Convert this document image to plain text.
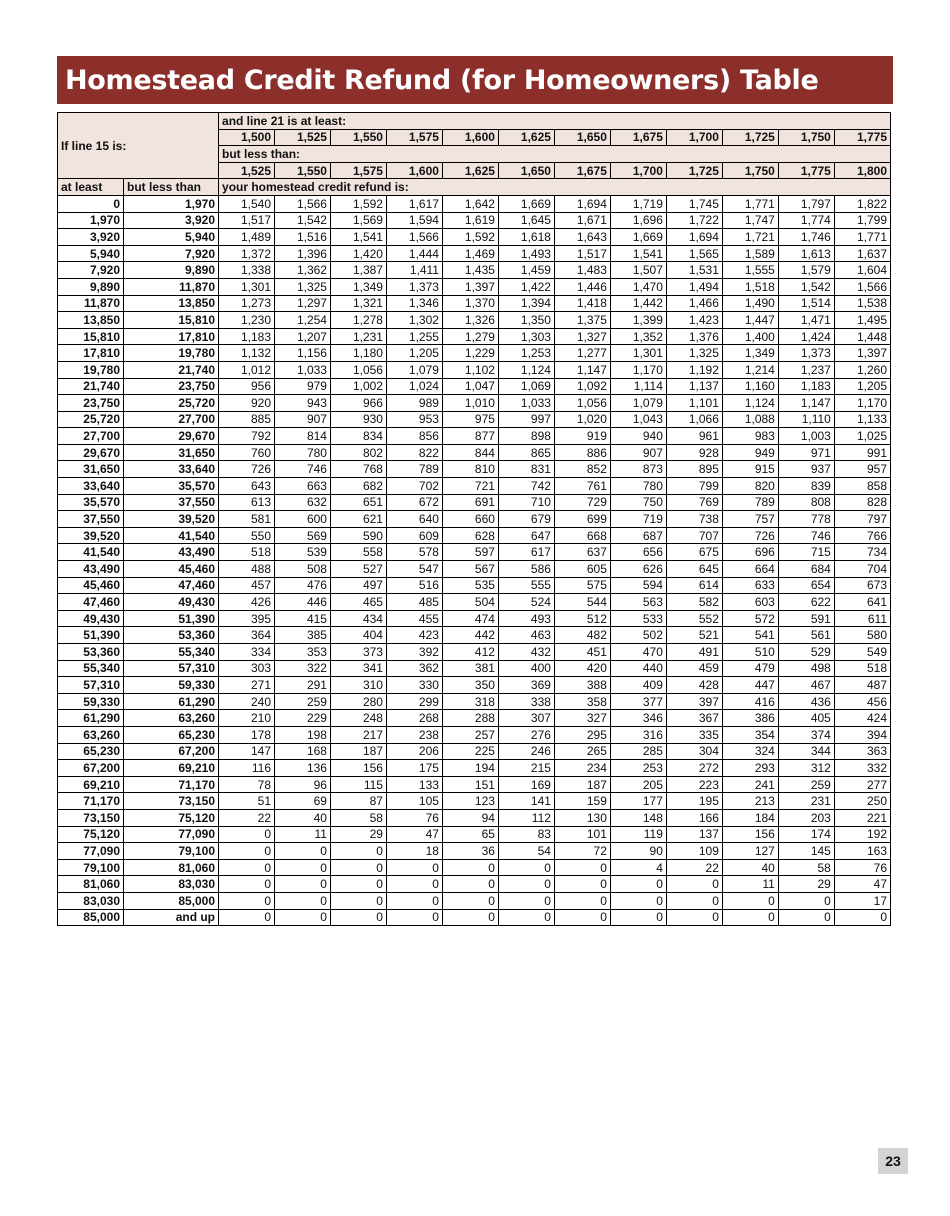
Homestead Credit Refund (for Homeowners) Table
If line 15 is:		and line 21 is at least:											
		1,500	1,525	1,550	1,575	1,600	1,625	1,650	1,675	1,700	1,725	1,750	1,775
		but less than:											
		1,525	1,550	1,575	1,600	1,625	1,650	1,675	1,700	1,725	1,750	1,775	1,800
at least	but less than	your homestead credit refund is:											
0	1,970	1,540	1,566	1,592	1,617	1,642	1,669	1,694	1,719	1,745	1,771	1,797	1,822
1,970	3,920	1,517	1,542	1,569	1,594	1,619	1,645	1,671	1,696	1,722	1,747	1,774	1,799
3,920	5,940	1,489	1,516	1,541	1,566	1,592	1,618	1,643	1,669	1,694	1,721	1,746	1,771
5,940	7,920	1,372	1,396	1,420	1,444	1,469	1,493	1,517	1,541	1,565	1,589	1,613	1,637
7,920	9,890	1,338	1,362	1,387	1,411	1,435	1,459	1,483	1,507	1,531	1,555	1,579	1,604
9,890	11,870	1,301	1,325	1,349	1,373	1,397	1,422	1,446	1,470	1,494	1,518	1,542	1,566
11,870	13,850	1,273	1,297	1,321	1,346	1,370	1,394	1,418	1,442	1,466	1,490	1,514	1,538
13,850	15,810	1,230	1,254	1,278	1,302	1,326	1,350	1,375	1,399	1,423	1,447	1,471	1,495
15,810	17,810	1,183	1,207	1,231	1,255	1,279	1,303	1,327	1,352	1,376	1,400	1,424	1,448
17,810	19,780	1,132	1,156	1,180	1,205	1,229	1,253	1,277	1,301	1,325	1,349	1,373	1,397
19,780	21,740	1,012	1,033	1,056	1,079	1,102	1,124	1,147	1,170	1,192	1,214	1,237	1,260
21,740	23,750	956	979	1,002	1,024	1,047	1,069	1,092	1,114	1,137	1,160	1,183	1,205
23,750	25,720	920	943	966	989	1,010	1,033	1,056	1,079	1,101	1,124	1,147	1,170
25,720	27,700	885	907	930	953	975	997	1,020	1,043	1,066	1,088	1,110	1,133
27,700	29,670	792	814	834	856	877	898	919	940	961	983	1,003	1,025
29,670	31,650	760	780	802	822	844	865	886	907	928	949	971	991
31,650	33,640	726	746	768	789	810	831	852	873	895	915	937	957
33,640	35,570	643	663	682	702	721	742	761	780	799	820	839	858
35,570	37,550	613	632	651	672	691	710	729	750	769	789	808	828
37,550	39,520	581	600	621	640	660	679	699	719	738	757	778	797
39,520	41,540	550	569	590	609	628	647	668	687	707	726	746	766
41,540	43,490	518	539	558	578	597	617	637	656	675	696	715	734
43,490	45,460	488	508	527	547	567	586	605	626	645	664	684	704
45,460	47,460	457	476	497	516	535	555	575	594	614	633	654	673
47,460	49,430	426	446	465	485	504	524	544	563	582	603	622	641
49,430	51,390	395	415	434	455	474	493	512	533	552	572	591	611
51,390	53,360	364	385	404	423	442	463	482	502	521	541	561	580
53,360	55,340	334	353	373	392	412	432	451	470	491	510	529	549
55,340	57,310	303	322	341	362	381	400	420	440	459	479	498	518
57,310	59,330	271	291	310	330	350	369	388	409	428	447	467	487
59,330	61,290	240	259	280	299	318	338	358	377	397	416	436	456
61,290	63,260	210	229	248	268	288	307	327	346	367	386	405	424
63,260	65,230	178	198	217	238	257	276	295	316	335	354	374	394
65,230	67,200	147	168	187	206	225	246	265	285	304	324	344	363
67,200	69,210	116	136	156	175	194	215	234	253	272	293	312	332
69,210	71,170	78	96	115	133	151	169	187	205	223	241	259	277
71,170	73,150	51	69	87	105	123	141	159	177	195	213	231	250
73,150	75,120	22	40	58	76	94	112	130	148	166	184	203	221
75,120	77,090	0	11	29	47	65	83	101	119	137	156	174	192
77,090	79,100	0	0	0	18	36	54	72	90	109	127	145	163
79,100	81,060	0	0	0	0	0	0	0	4	22	40	58	76
81,060	83,030	0	0	0	0	0	0	0	0	0	11	29	47
83,030	85,000	0	0	0	0	0	0	0	0	0	0	0	17
85,000	and up	0	0	0	0	0	0	0	0	0	0	0	0
23
